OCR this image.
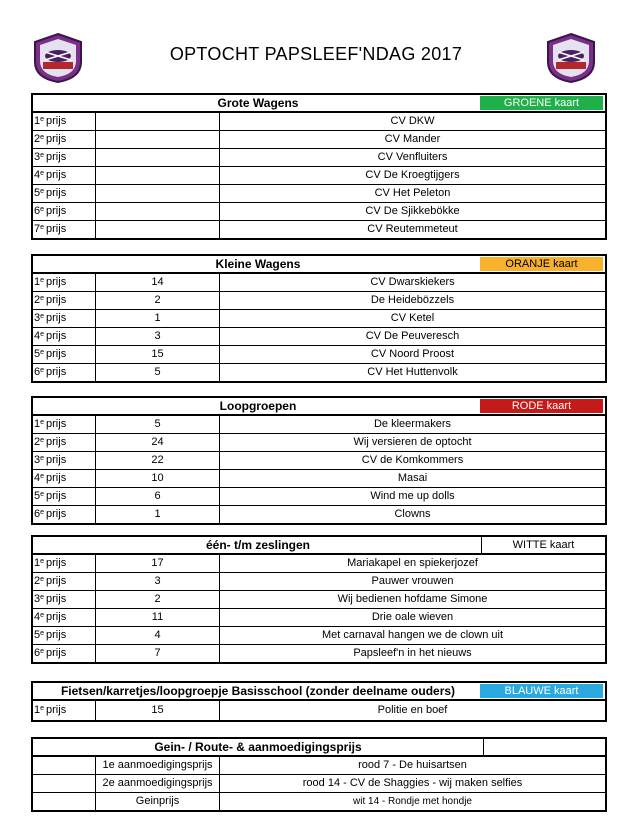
OPTOCHT PAPSLEEF'NDAG 2017
Grote Wagens	GROENE kaart
1e prijs	CV DKW
2e prijs	CV Mander
3e prijs	CV Venfluiters
4e prijs	CV De Kroegtijgers
5e prijs	CV Het Peleton
6e prijs	CV De Sjikkebökke
7e prijs	CV Reutemmeteut
Kleine Wagens	ORANJE kaart
1e prijs	14	CV Dwarskiekers
2e prijs	2	De Heidebözzels
3e prijs	1	CV Ketel
4e prijs	3	CV De Peuveresch
5e prijs	15	CV Noord Proost
6e prijs	5	CV Het Huttenvolk
Loopgroepen	RODE kaart
1e prijs	5	De kleermakers
2e prijs	24	Wij versieren de optocht
3e prijs	22	CV de Komkommers
4e prijs	10	Masai
5e prijs	6	Wind me up dolls
6e prijs	1	Clowns
één- t/m zeslingen	WITTE kaart
1e prijs	17	Mariakapel en spiekerjozef
2e prijs	3	Pauwer vrouwen
3e prijs	2	Wij bedienen hofdame Simone
4e prijs	11	Drie oale wieven
5e prijs	4	Met carnaval hangen we de clown uit
6e prijs	7	Papsleef'n in het nieuws
Fietsen/karretjes/loopgroepje Basisschool (zonder deelname ouders)	BLAUWE kaart
1e prijs	15	Politie en boef
Gein- / Route- & aanmoedigingsprijs
1e aanmoedigingsprijs	rood 7 - De huisartsen
2e aanmoedigingsprijs	rood 14 - CV de Shaggies - wij maken selfies
Geinprijs	wit 14 - Rondje met hondje
